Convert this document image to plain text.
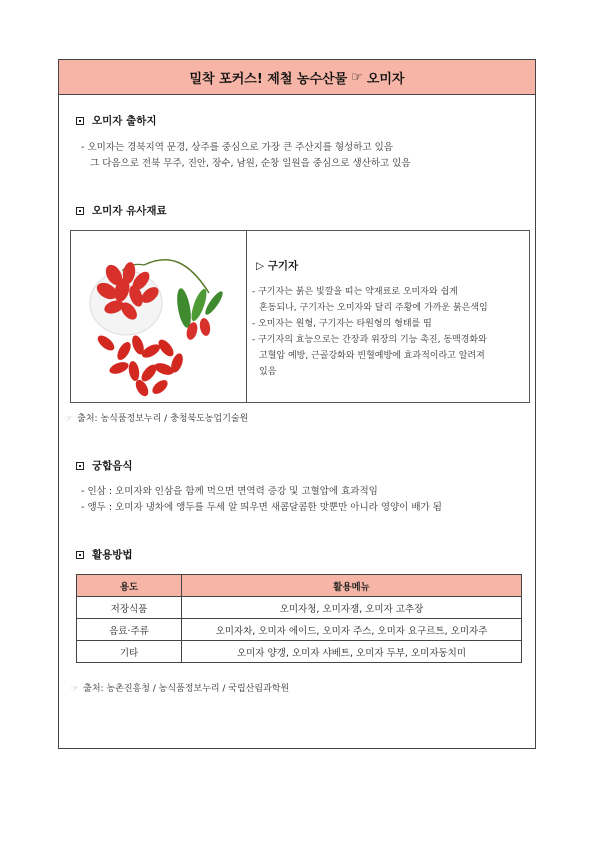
밀착 포커스! 제철 농수산물 ☞ 오미자
오미자 출하지
- 오미자는 경북지역 문경, 상주를 중심으로 가장 큰 주산지를 형성하고 있음
그 다음으로 전북 무주, 진안, 장수, 남원, 순창 일원을 중심으로 생산하고 있음
오미자 유사재료
▷ 구기자
- 구기자는 붉은 빛깔을 띠는 약재료로 오미자와 쉽게
혼동되나, 구기자는 오미자와 달리 주황에 가까운 붉은색임
- 오미자는 원형, 구기자는 타원형의 형태를 띰
- 구기자의 효능으로는 간장과 위장의 기능 촉진, 동맥경화와
고혈압 예방, 근골강화와 빈혈예방에 효과적이라고 알려져
있음
☞ 출처: 농식품정보누리 / 충청북도농업기술원
궁합음식
- 인삼 : 오미자와 인삼을 함께 먹으면 면역력 증강 및 고혈압에 효과적임
- 앵두 : 오미자 냉차에 앵두를 두세 알 띄우면 새콤달콤한 맛뿐만 아니라 영양이 배가 됨
활용방법
용도	활용메뉴
저장식품	오미자청, 오미자잼, 오미자 고추장
음료·주류	오미자차, 오미자 에이드, 오미자 주스, 오미자 요구르트, 오미자주
기타	오미자 양갱, 오미자 샤베트, 오미자 두부, 오미자동치미
☞ 출처: 농촌진흥청 / 농식품정보누리 / 국립산림과학원
